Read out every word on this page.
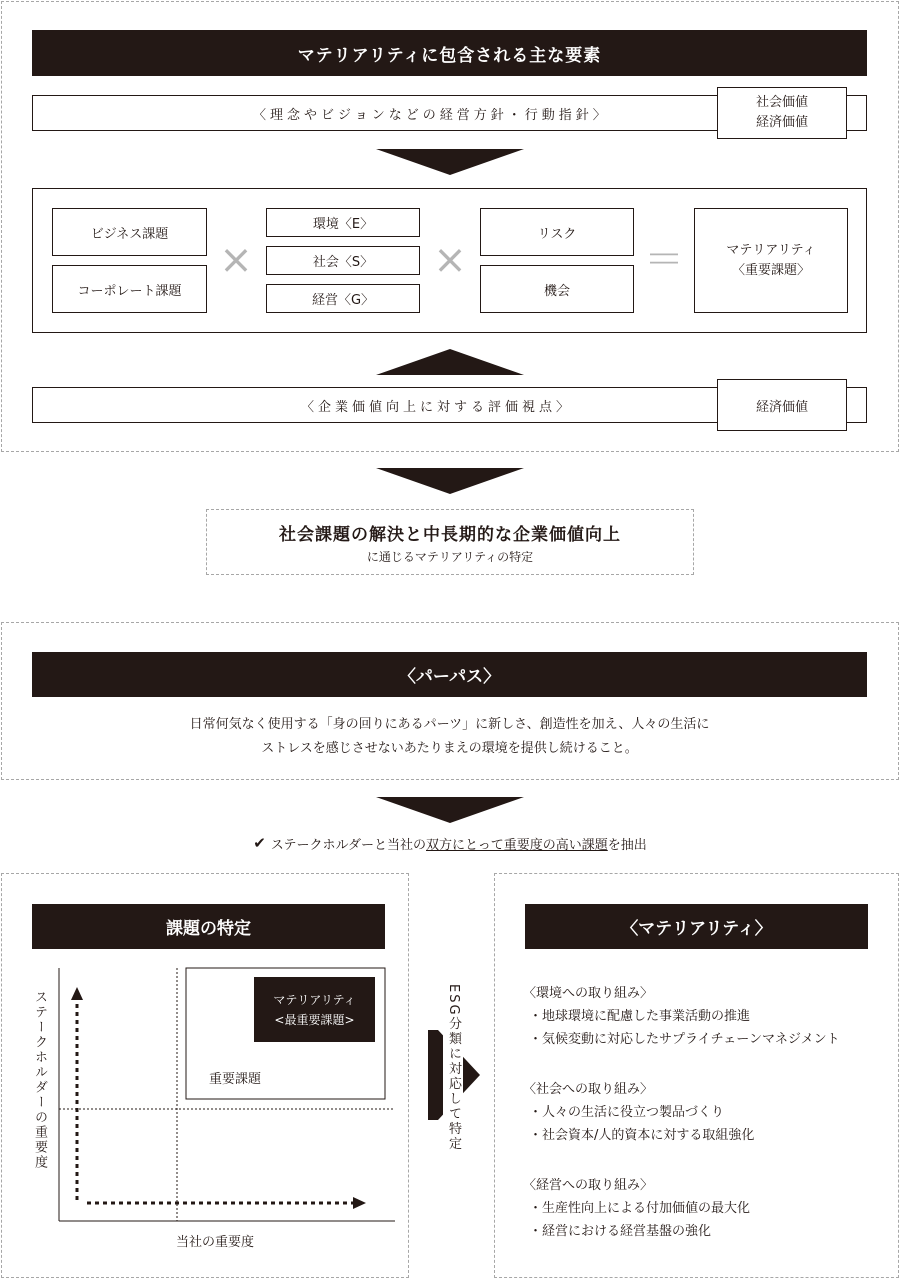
マテリアリティに包含される主な要素
〈理念やビジョンなどの経営方針・行動指針〉
社会価値
経済価値
ビジネス課題
コーポレート課題
×
環境〈E〉
社会〈S〉
経営〈G〉
×
リスク
機会
＝	マテリアリティ
〈重要課題〉
〈企業価値向上に対する評価視点〉	経済価値
社会課題の解決と中長期的な企業価値向上
に通じるマテリアリティの特定
〈パーパス〉
日常何気なく使用する「身の回りにあるパーツ」に新しさ、創造性を加え、人々の生活に
ストレスを感じさせないあたりまえの環境を提供し続けること。
✔ ステークホルダーと当社の 双方にとって重要度の高い課題 を抽出
課題の特定
マテリアリティ
<最重要課題>
重要課題
ステークホルダーの重要度
当社の重要度
ESG分類に対応して特定
〈マテリアリティ〉
〈環境への取り組み〉
・地球環境に配慮した事業活動の推進
・気候変動に対応したサプライチェーンマネジメント
〈社会への取り組み〉
・人々の生活に役立つ製品づくり
・社会資本/人的資本に対する取組強化
〈経営への取り組み〉
・生産性向上による付加価値の最大化
・経営における経営基盤の強化
